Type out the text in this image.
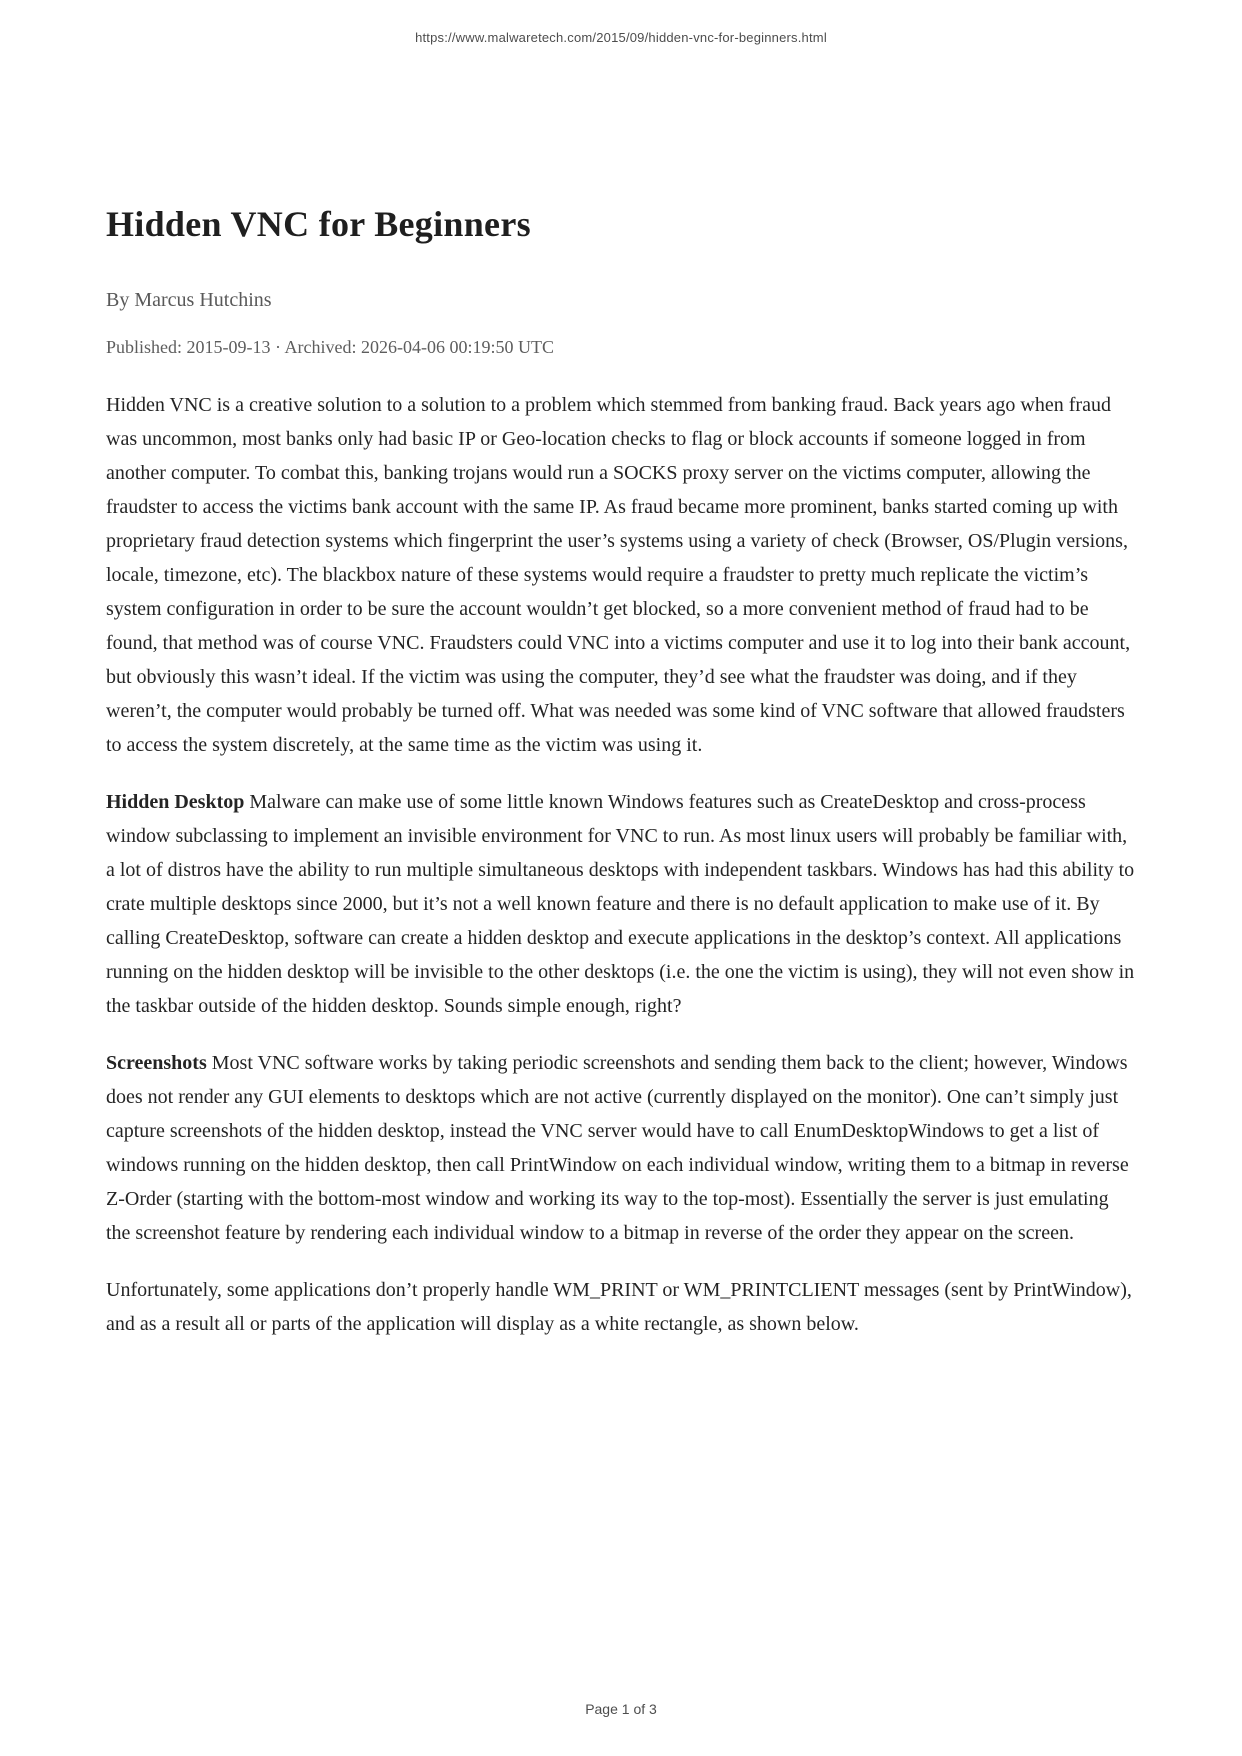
https://www.malwaretech.com/2015/09/hidden-vnc-for-beginners.html
Hidden VNC for Beginners
By Marcus Hutchins
Published: 2015-09-13 · Archived: 2026-04-06 00:19:50 UTC

Hidden VNC is a creative solution to a solution to a problem which stemmed from banking fraud. Back years ago when fraud was uncommon, most banks only had basic IP or Geo-location checks to flag or block accounts if someone logged in from another computer. To combat this, banking trojans would run a SOCKS proxy server on the victims computer, allowing the fraudster to access the victims bank account with the same IP. As fraud became more prominent, banks started coming up with proprietary fraud detection systems which fingerprint the user’s systems using a variety of check (Browser, OS/Plugin versions, locale, timezone, etc). The blackbox nature of these systems would require a fraudster to pretty much replicate the victim’s system configuration in order to be sure the account wouldn’t get blocked, so a more convenient method of fraud had to be found, that method was of course VNC. Fraudsters could VNC into a victims computer and use it to log into their bank account, but obviously this wasn’t ideal. If the victim was using the computer, they’d see what the fraudster was doing, and if they weren’t, the computer would probably be turned off. What was needed was some kind of VNC software that allowed fraudsters to access the system discretely, at the same time as the victim was using it.

Hidden Desktop Malware can make use of some little known Windows features such as CreateDesktop and cross-process window subclassing to implement an invisible environment for VNC to run. As most linux users will probably be familiar with, a lot of distros have the ability to run multiple simultaneous desktops with independent taskbars. Windows has had this ability to crate multiple desktops since 2000, but it’s not a well known feature and there is no default application to make use of it. By calling CreateDesktop, software can create a hidden desktop and execute applications in the desktop’s context. All applications running on the hidden desktop will be invisible to the other desktops (i.e. the one the victim is using), they will not even show in the taskbar outside of the hidden desktop. Sounds simple enough, right?

Screenshots Most VNC software works by taking periodic screenshots and sending them back to the client; however, Windows does not render any GUI elements to desktops which are not active (currently displayed on the monitor). One can’t simply just capture screenshots of the hidden desktop, instead the VNC server would have to call EnumDesktopWindows to get a list of windows running on the hidden desktop, then call PrintWindow on each individual window, writing them to a bitmap in reverse Z-Order (starting with the bottom-most window and working its way to the top-most). Essentially the server is just emulating the screenshot feature by rendering each individual window to a bitmap in reverse of the order they appear on the screen.

Unfortunately, some applications don’t properly handle WM_PRINT or WM_PRINTCLIENT messages (sent by PrintWindow), and as a result all or parts of the application will display as a white rectangle, as shown below.

Page 1 of 3
